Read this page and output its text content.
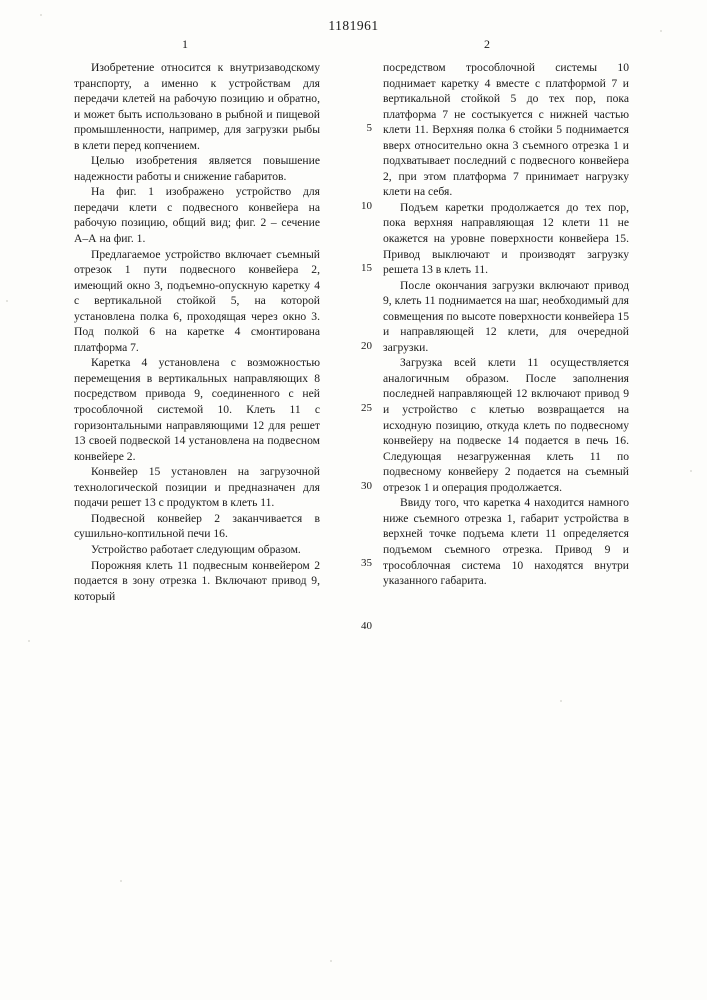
1181961
1	2
5
10
15
20
25
30
35
40

Изобретение относится к внутризаводскому транспорту, а именно к устройствам для передачи клетей на рабочую позицию и обратно, и может быть использовано в рыбной и пищевой промышленности, например, для загрузки рыбы в клети перед копчением.

Целью изобретения является повышение надежности работы и снижение габаритов.

На фиг. 1 изображено устройство для передачи клети с подвесного конвейера на рабочую позицию, общий вид; фиг. 2 – сечение А–А на фиг. 1.

Предлагаемое устройство включает съемный отрезок 1 пути подвесного конвейера 2, имеющий окно 3, подъемно-опускную каретку 4 с вертикальной стойкой 5, на которой установлена полка 6, проходящая через окно 3. Под полкой 6 на каретке 4 смонтирована платформа 7.

Каретка 4 установлена с возможностью перемещения в вертикальных направляющих 8 посредством привода 9, соединенного с ней трособлочной системой 10. Клеть 11 с горизонтальными направляющими 12 для решет 13 своей подвеской 14 установлена на подвесном конвейере 2.

Конвейер 15 установлен на загрузочной технологической позиции и предназначен для подачи решет 13 с продуктом в клеть 11.

Подвесной конвейер 2 заканчивается в сушильно-коптильной печи 16.

Устройство работает следующим образом.

Порожняя клеть 11 подвесным конвейером 2 подается в зону отрезка 1. Включают привод 9, который

посредством трособлочной системы 10 поднимает каретку 4 вместе с платформой 7 и вертикальной стойкой 5 до тех пор, пока платформа 7 не состыкуется с нижней частью клети 11. Верхняя полка 6 стойки 5 поднимается вверх относительно окна 3 съемного отрезка 1 и подхватывает последний с подвесного конвейера 2, при этом платформа 7 принимает нагрузку клети на себя.

Подъем каретки продолжается до тех пор, пока верхняя направляющая 12 клети 11 не окажется на уровне поверхности конвейера 15. Привод выключают и производят загрузку решета 13 в клеть 11.

После окончания загрузки включают привод 9, клеть 11 поднимается на шаг, необходимый для совмещения по высоте поверхности конвейера 15 и направляющей 12 клети, для очередной загрузки.

Загрузка всей клети 11 осуществляется аналогичным образом. После заполнения последней направляющей 12 включают привод 9 и устройство с клетью возвращается на исходную позицию, откуда клеть по подвесному конвейеру на подвеске 14 подается в печь 16. Следующая незагруженная клеть 11 по подвесному конвейеру 2 подается на съемный отрезок 1 и операция продолжается.

Ввиду того, что каретка 4 находится намного ниже съемного отрезка 1, габарит устройства в верхней точке подъема клети 11 определяется подъемом съемного отрезка. Привод 9 и трособлочная система 10 находятся внутри указанного габарита.
